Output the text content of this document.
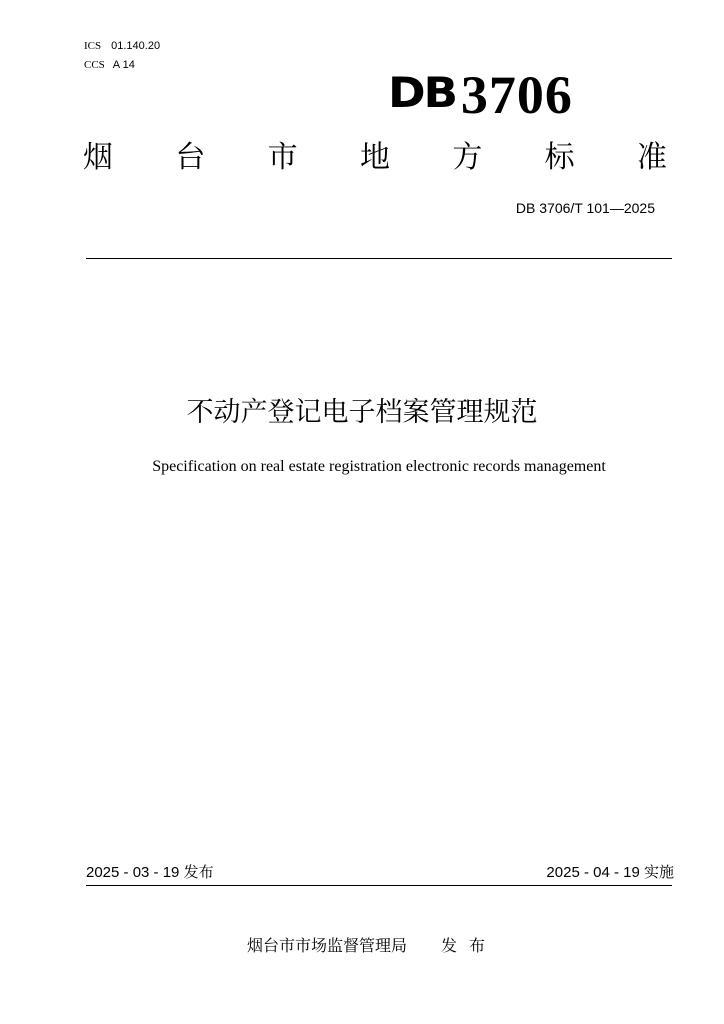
ICS 01.140.20
CCS A 14
DB 3706
烟 台 市 地 方 标 准
DB 3706/T 101—2025
不动产登记电子档案管理规范
Specification on real estate registration electronic records management
2025 - 03 - 19 发布	2025 - 04 - 19 实施
烟台市市场监督管理局 发布
